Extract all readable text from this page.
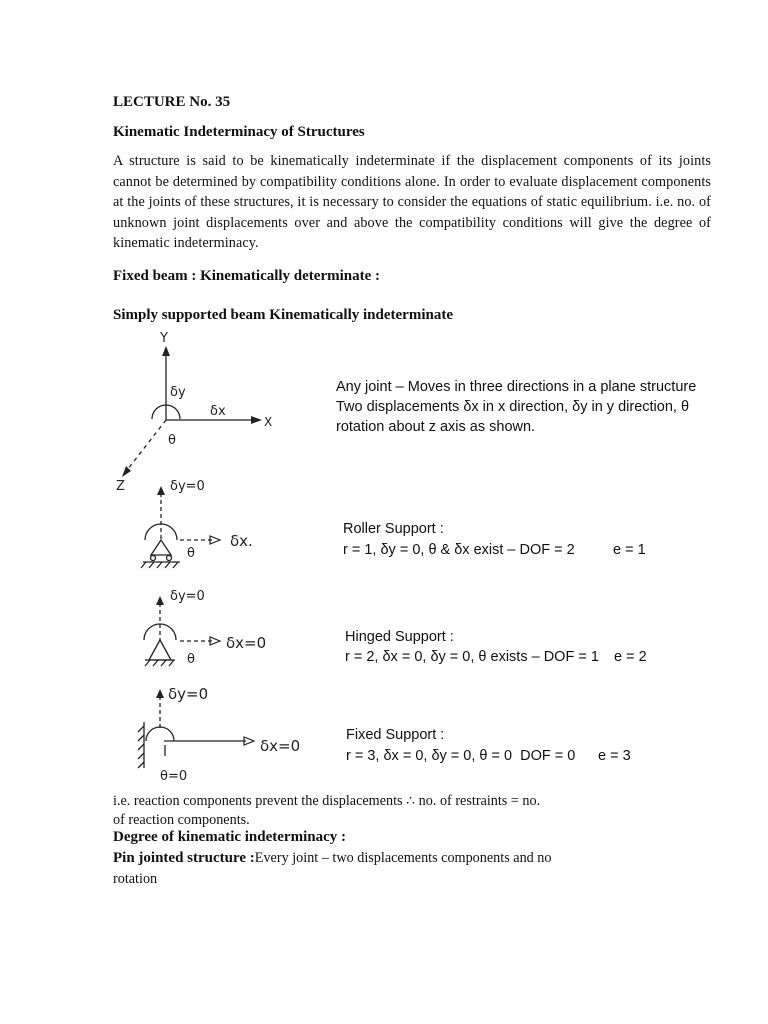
LECTURE No. 35
Kinematic Indeterminacy of Structures
A structure is said to be kinematically indeterminate if the displacement components of its joints cannot be determined by compatibility conditions alone. In order to evaluate displacement components at the joints of these structures, it is necessary to consider the equations of static equilibrium. i.e. no. of unknown joint displacements over and above the compatibility conditions will give the degree of kinematic indeterminacy.
Fixed beam : Kinematically determinate :
Simply supported beam Kinematically indeterminate
Y
X
Z
δy
δx
θ
δy=0
δx.
θ
δy=0
δx=0
θ
δy=0
δx=0
θ=0
Any joint – Moves in three directions in a plane structure
Two displacements δx in x direction, δy in y direction, θ
rotation about z axis as shown.
Roller Support :
r = 1, δy = 0, θ & δx exist – DOF = 2	e = 1
Hinged Support :
r = 2, δx = 0, δy = 0, θ exists – DOF = 1 e = 2
Fixed Support :
r = 3, δx = 0, δy = 0, θ = 0  DOF = 0 e = 3
i.e. reaction components prevent the displacements ∴ no. of restraints = no.
of reaction components.
Degree of kinematic indeterminacy :
Pin jointed structure :Every joint – two displacements components and no
rotation
